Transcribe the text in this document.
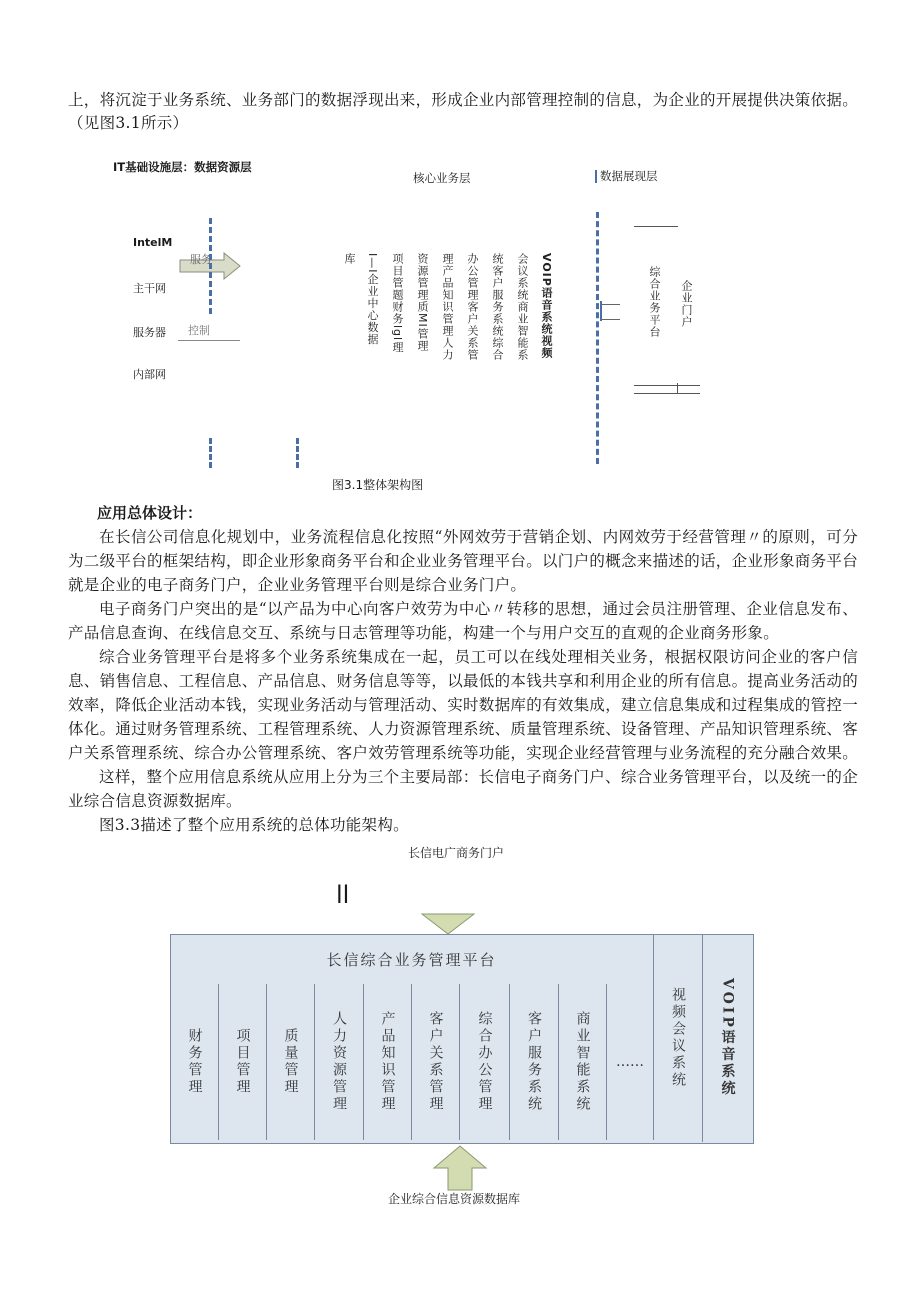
上，将沉淀于业务系统、业务部门的数据浮现出来，形成企业内部管理控制的信息，为企业的开展提供决策依据。
（见图3.1所示）
IT基础设施层：数据资源层
核心业务层	数据展现层
IntelM
主干网
服务器
内部网
服务
控制
库 I—I企业中心数据 项目管题财务lgl理 资源管理质MI管理 理产品知识管理人力 办公管理客户关系管 统客户服务系统综合 会议系统商业智能系 VOIP语音系统视频	综合业务平台 企业门户
图3.1整体架构图
应用总体设计：
在长信公司信息化规划中，业务流程信息化按照“外网效劳于营销企划、内网效劳于经营管理〃的原则，可分为二级平台的框架结构，即企业形象商务平台和企业业务管理平台。以门户的概念来描述的话，企业形象商务平台就是企业的电子商务门户，企业业务管理平台则是综合业务门户。
电子商务门户突出的是“以产品为中心向客户效劳为中心〃转移的思想，通过会员注册管理、企业信息发布、产品信息查询、在线信息交互、系统与日志管理等功能，构建一个与用户交互的直观的企业商务形象。
综合业务管理平台是将多个业务系统集成在一起，员工可以在线处理相关业务，根据权限访问企业的客户信息、销售信息、工程信息、产品信息、财务信息等等，以最低的本钱共享和利用企业的所有信息。提高业务活动的效率，降低企业活动本钱，实现业务活动与管理活动、实时数据库的有效集成，建立信息集成和过程集成的管控一体化。通过财务管理系统、工程管理系统、人力资源管理系统、质量管理系统、设备管理、产品知识管理系统、客户关系管理系统、综合办公管理系统、客户效劳管理系统等功能，实现企业经营管理与业务流程的充分融合效果。
这样，整个应用信息系统从应用上分为三个主要局部：长信电子商务门户、综合业务管理平台，以及统一的企业综合信息资源数据库。
图3.3描述了整个应用系统的总体功能架构。
长信电广商务门户
ll
长信综合业务管理平台
财务管理 项目管理 质量管理 人力资源管理 产品知识管理 客户关系管理 综合办公管理 客户服务系统 商业智能系统 …… 视频会议系统 VOIP语音系统
企业综合信息资源数据库
